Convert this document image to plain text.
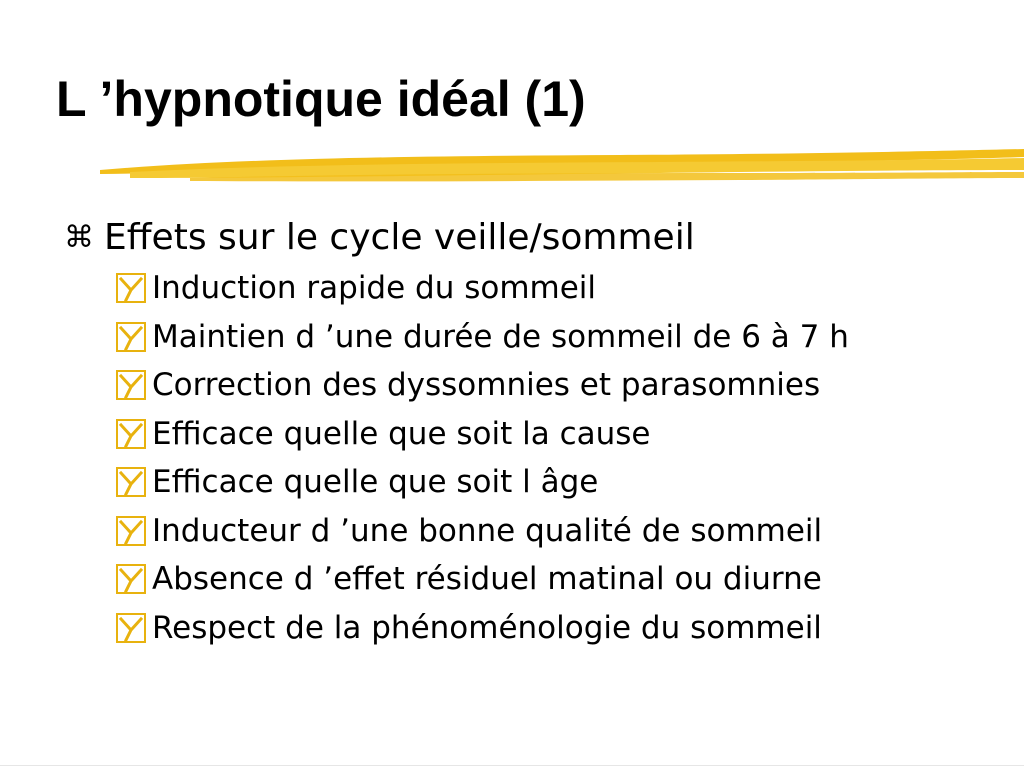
L ’hypnotique idéal (1)
⌘ Effets sur le cycle veille/sommeil
Induction rapide du sommeil
Maintien d ’une durée de sommeil de 6 à 7 h
Correction des dyssomnies et parasomnies
Efficace quelle que soit la cause
Efficace quelle que soit l âge
Inducteur d ’une bonne qualité de sommeil
Absence d ’effet résiduel matinal ou diurne
Respect de la phénoménologie du sommeil
